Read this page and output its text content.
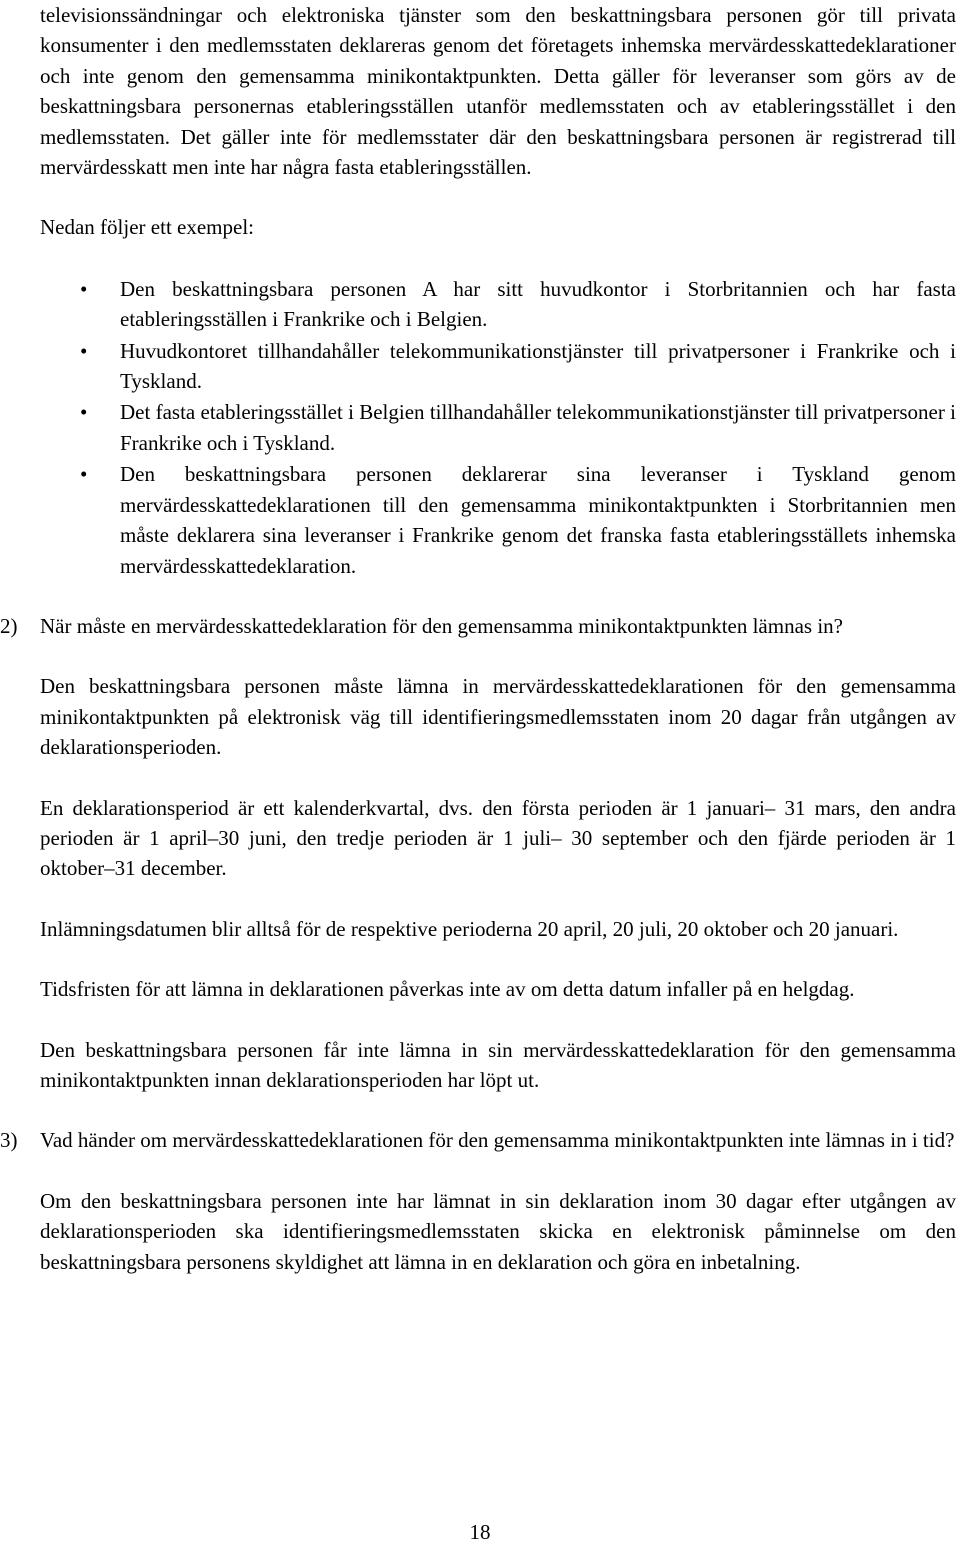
televisionssändningar och elektroniska tjänster som den beskattningsbara personen gör till privata konsumenter i den medlemsstaten deklareras genom det företagets inhemska mervärdesskattedeklarationer och inte genom den gemensamma minikontaktpunkten. Detta gäller för leveranser som görs av de beskattningsbara personernas etableringsställen utanför medlemsstaten och av etableringsstället i den medlemsstaten. Det gäller inte för medlemsstater där den beskattningsbara personen är registrerad till mervärdesskatt men inte har några fasta etableringsställen.

Nedan följer ett exempel:

•	Den beskattningsbara personen A har sitt huvudkontor i Storbritannien och har fasta etableringsställen i Frankrike och i Belgien.
•	Huvudkontoret tillhandahåller telekommunikationstjänster till privatpersoner i Frankrike och i Tyskland.
•	Det fasta etableringsstället i Belgien tillhandahåller telekommunikationstjänster till privatpersoner i Frankrike och i Tyskland.
•	Den beskattningsbara personen deklarerar sina leveranser i Tyskland genom mervärdesskattedeklarationen till den gemensamma minikontaktpunkten i Storbritannien men måste deklarera sina leveranser i Frankrike genom det franska fasta etableringsställets inhemska mervärdesskattedeklaration.
2) När måste en mervärdesskattedeklaration för den gemensamma minikontaktpunkten lämnas in?

Den beskattningsbara personen måste lämna in mervärdesskattedeklarationen för den gemensamma minikontaktpunkten på elektronisk väg till identifieringsmedlemsstaten inom 20 dagar från utgången av deklarationsperioden.

En deklarationsperiod är ett kalenderkvartal, dvs. den första perioden är 1 januari– 31 mars, den andra perioden är 1 april–30 juni, den tredje perioden är 1 juli– 30 september och den fjärde perioden är 1 oktober–31 december.

Inlämningsdatumen blir alltså för de respektive perioderna 20 april, 20 juli, 20 oktober och 20 januari.

Tidsfristen för att lämna in deklarationen påverkas inte av om detta datum infaller på en helgdag.

Den beskattningsbara personen får inte lämna in sin mervärdesskattedeklaration för den gemensamma minikontaktpunkten innan deklarationsperioden har löpt ut.

3) Vad händer om mervärdesskattedeklarationen för den gemensamma minikontaktpunkten inte lämnas in i tid?

Om den beskattningsbara personen inte har lämnat in sin deklaration inom 30 dagar efter utgången av deklarationsperioden ska identifieringsmedlemsstaten skicka en elektronisk påminnelse om den beskattningsbara personens skyldighet att lämna in en deklaration och göra en inbetalning.

18
